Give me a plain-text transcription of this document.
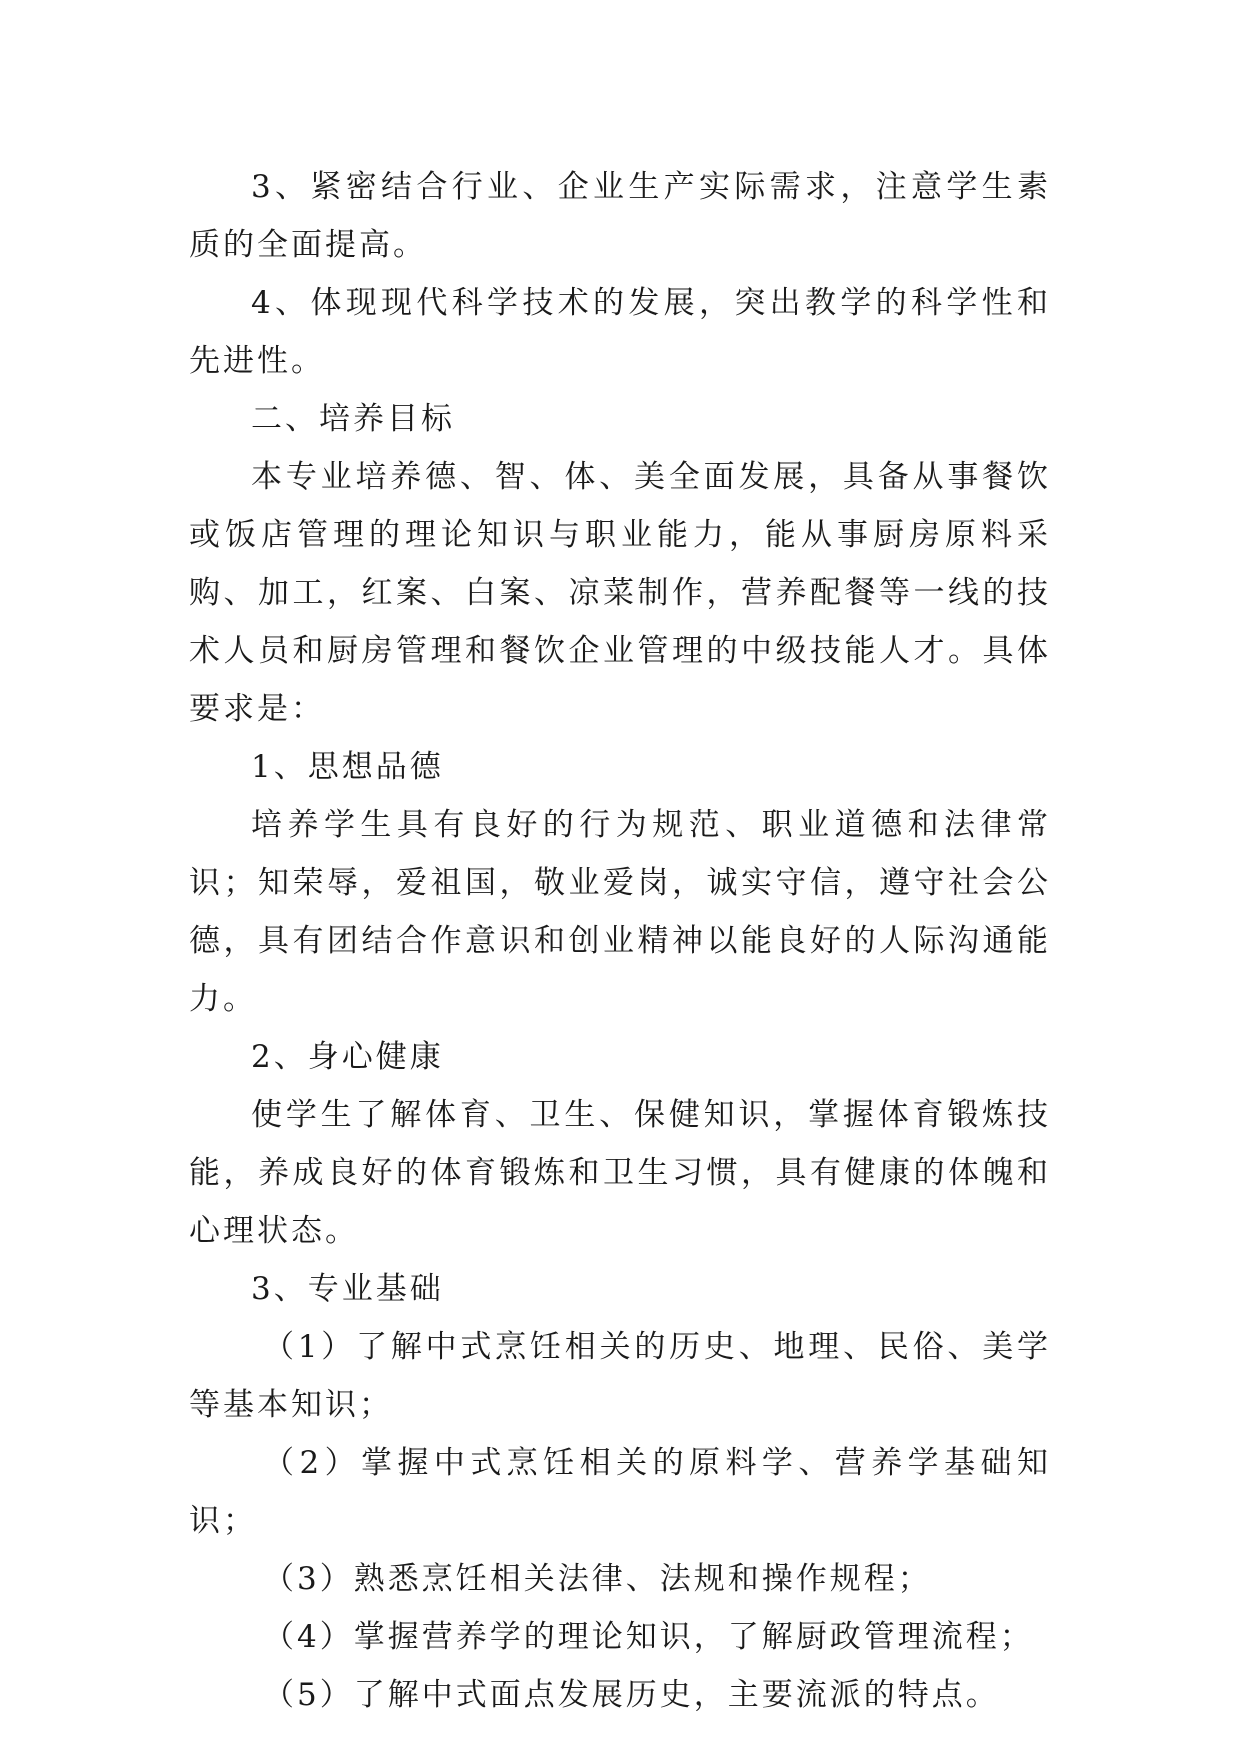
3、紧密结合行业、企业生产实际需求，注意学生素质的全面提高。

4、体现现代科学技术的发展，突出教学的科学性和先进性。

二、培养目标

本专业培养德、智、体、美全面发展，具备从事餐饮或饭店管理的理论知识与职业能力，能从事厨房原料采购、加工，红案、白案、凉菜制作，营养配餐等一线的技术人员和厨房管理和餐饮企业管理的中级技能人才。具体要求是：

1、思想品德

培养学生具有良好的行为规范、职业道德和法律常识；知荣辱，爱祖国，敬业爱岗，诚实守信，遵守社会公德，具有团结合作意识和创业精神以能良好的人际沟通能力。

2、身心健康

使学生了解体育、卫生、保健知识，掌握体育锻炼技能，养成良好的体育锻炼和卫生习惯，具有健康的体魄和心理状态。

3、专业基础

（1）了解中式烹饪相关的历史、地理、民俗、美学等基本知识；

（2）掌握中式烹饪相关的原料学、营养学基础知识；

（3）熟悉烹饪相关法律、法规和操作规程；

（4）掌握营养学的理论知识，了解厨政管理流程；

（5）了解中式面点发展历史，主要流派的特点。
